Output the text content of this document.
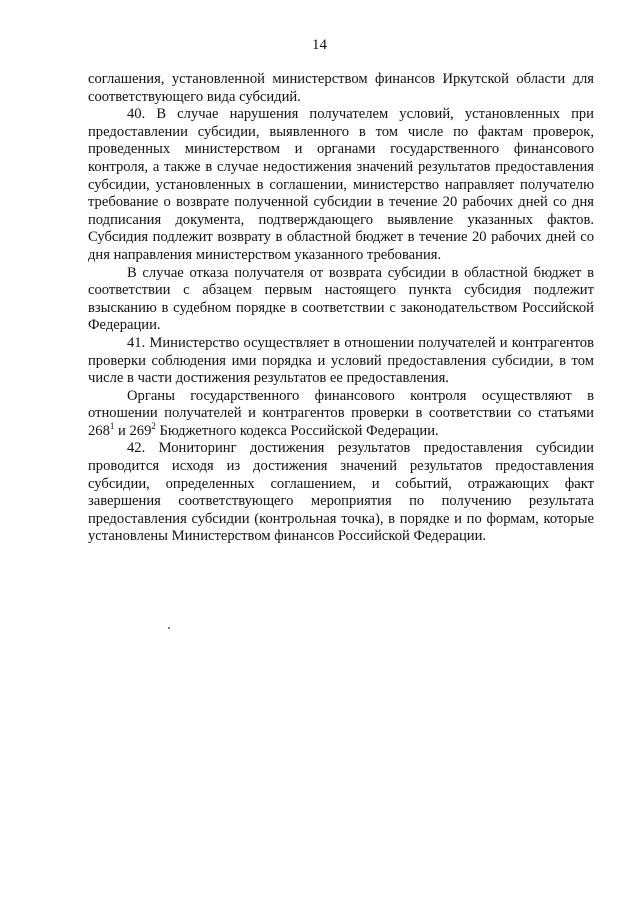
14

соглашения, установленной министерством финансов Иркутской области для соответствующего вида субсидий.

40. В случае нарушения получателем условий, установленных при предоставлении субсидии, выявленного в том числе по фактам проверок, проведенных министерством и органами государственного финансового контроля, а также в случае недостижения значений результатов предоставления субсидии, установленных в соглашении, министерство направляет получателю требование о возврате полученной субсидии в течение 20 рабочих дней со дня подписания документа, подтверждающего выявление указанных фактов. Субсидия подлежит возврату в областной бюджет в течение 20 рабочих дней со дня направления министерством указанного требования.

В случае отказа получателя от возврата субсидии в областной бюджет в соответствии с абзацем первым настоящего пункта субсидия подлежит взысканию в судебном порядке в соответствии с законодательством Российской Федерации.

41. Министерство осуществляет в отношении получателей и контрагентов проверки соблюдения ими порядка и условий предоставления субсидии, в том числе в части достижения результатов ее предоставления.

Органы государственного финансового контроля осуществляют в отношении получателей и контрагентов проверки в соответствии со статьями $268^1$ и $269^2$ Бюджетного кодекса Российской Федерации.

42. Мониторинг достижения результатов предоставления субсидии проводится исходя из достижения значений результатов предоставления субсидии, определенных соглашением, и событий, отражающих факт завершения соответствующего мероприятия по получению результата предоставления субсидии (контрольная точка), в порядке и по формам, которые установлены Министерством финансов Российской Федерации.
